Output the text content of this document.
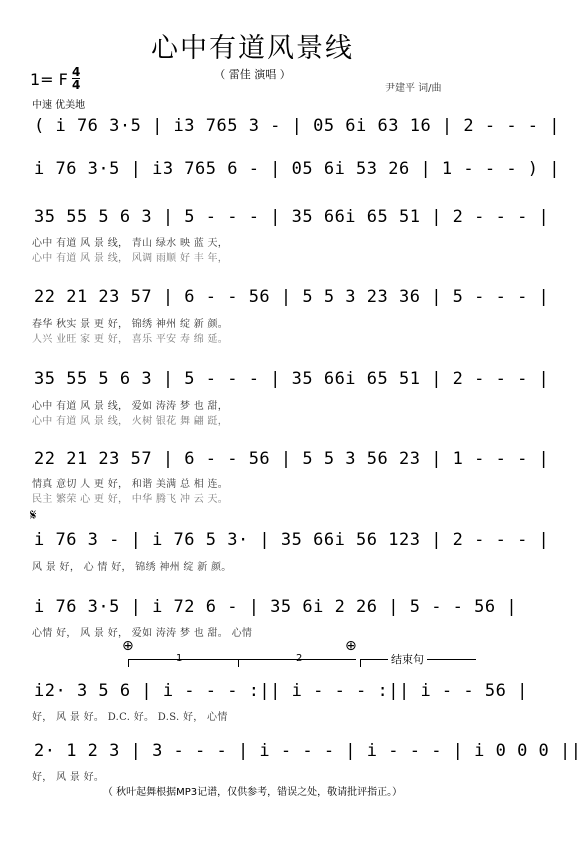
心中有道风景线
（ 雷佳 演唱 ）
1= F 4
4
中速 优美地
尹建平 词/曲
( i 76 3·5 | i3 765 3 - | 05 6i 63 16 | 2 - - - |
i 76 3·5 | i3 765 6 - | 05 6i 53 26 | 1 - - - ) |
35 55 5 6 3 | 5 - - - | 35 66i 65 51 | 2 - - - |
心中 有道 风 景 线， 青山 绿水 映 蓝 天，
心中 有道 风 景 线， 风调 雨顺 好 丰 年，
22 21 23 57 | 6 - - 56 | 5 5 3 23 36 | 5 - - - |
春华 秋实 景 更 好， 锦绣 神州 绽 新 颜。
人兴 业旺 家 更 好， 喜乐 平安 寿 绵 延。
35 55 5 6 3 | 5 - - - | 35 66i 65 51 | 2 - - - |
心中 有道 风 景 线， 爱如 涛涛 梦 也 甜，
心中 有道 风 景 线， 火树 银花 舞 翩 跹，
22 21 23 57 | 6 - - 56 | 5 5 3 56 23 | 1 - - - |
情真 意切 人 更 好， 和谐 美满 总 相 连。
民主 繁荣 心 更 好， 中华 腾飞 冲 云 天。
𝄋
i 76 3 - | i 76 5 3· | 35 66i 56 123 | 2 - - - |
风 景 好， 心 情 好， 锦绣 神州 绽 新 颜。
i 76 3·5 | i 72 6 - | 35 6i 2 26 | 5 - - 56 |
心情 好， 风 景 好， 爱如 涛涛 梦 也 甜。 心情
⊕	⊕
1	2	结束句
i2· 3 5 6 | i - - - :|| i - - - :|| i - - 56 |
好， 风 景 好。 D.C. 好。 D.S. 好， 心情
2· 1 2 3 | 3 - - - | i - - - | i - - - | i 0 0 0 ||
好， 风 景 好。
（ 秋叶起舞根据MP3记谱，仅供参考，错误之处，敬请批评指正。）
